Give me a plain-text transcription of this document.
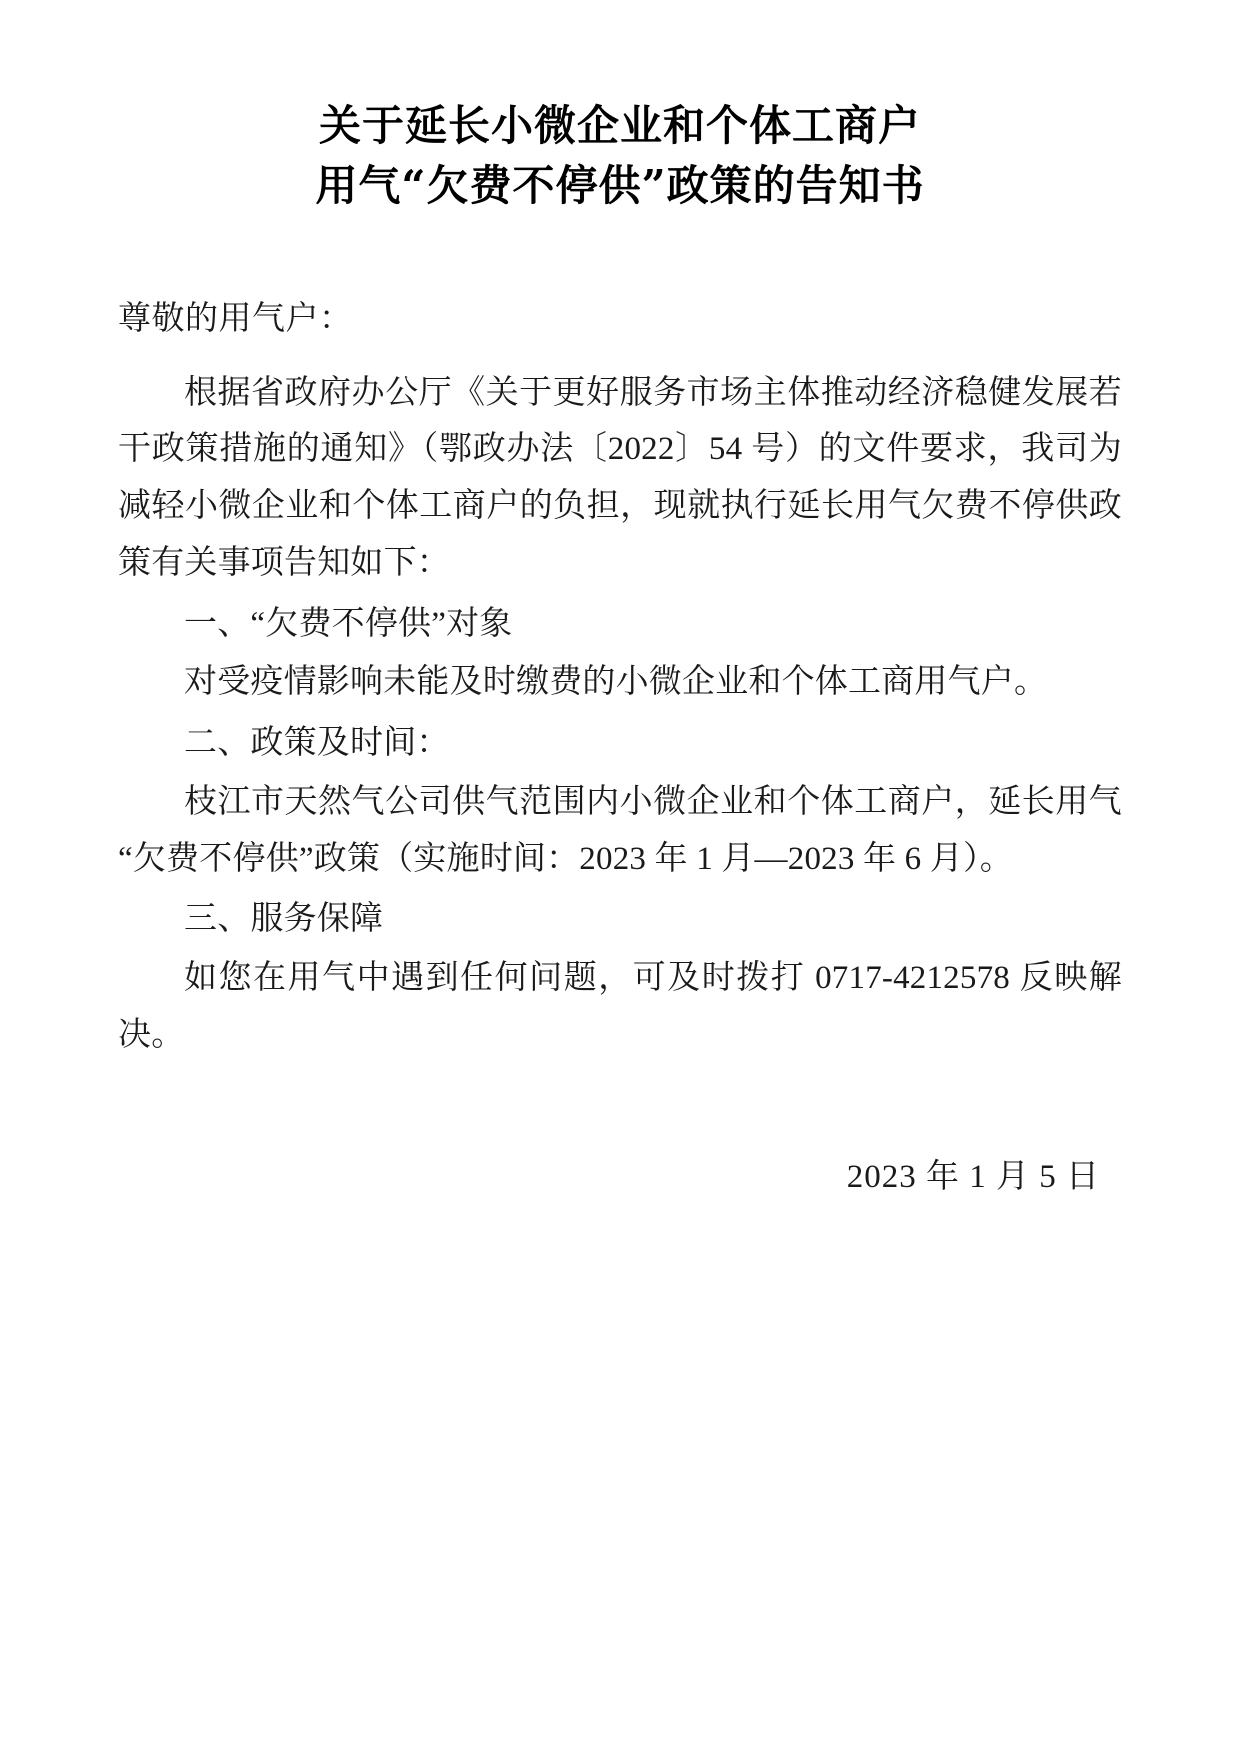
关于延长小微企业和个体工商户
用气“欠费不停供”政策的告知书
尊敬的用气户：

根据省政府办公厅《关于更好服务市场主体推动经济稳健发展若干政策措施的通知》（鄂政办法〔2022〕54 号）的文件要求，我司为减轻小微企业和个体工商户的负担，现就执行延长用气欠费不停供政策有关事项告知如下：

一、“欠费不停供”对象

对受疫情影响未能及时缴费的小微企业和个体工商用气户。

二、政策及时间：

枝江市天然气公司供气范围内小微企业和个体工商户，延长用气“欠费不停供”政策（实施时间：2023 年 1 月—2023 年 6 月）。

三、服务保障

如您在用气中遇到任何问题，可及时拨打 0717-4212578 反映解决。

2023 年 1 月 5 日
